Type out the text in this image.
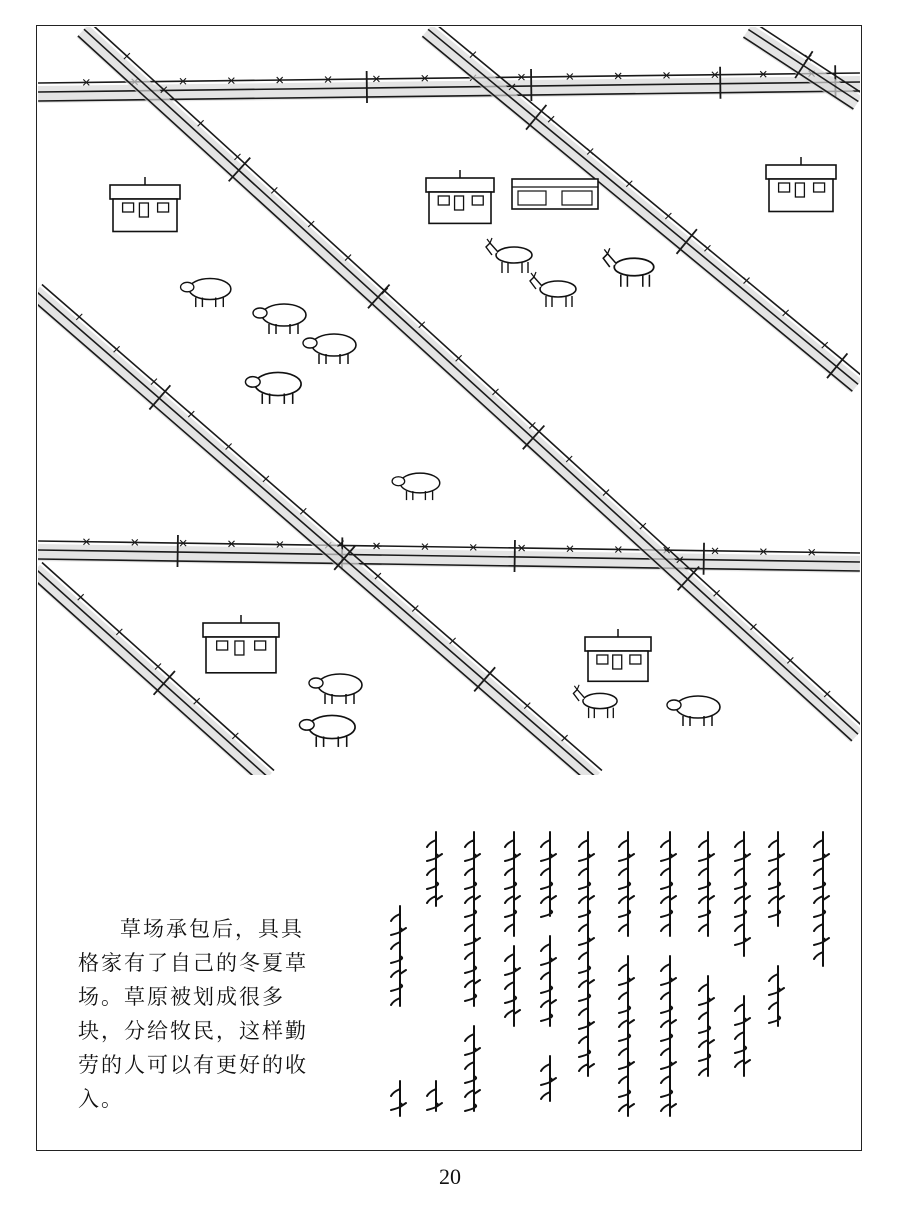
草场承包后，具具格家有了自己的冬夏草场。草原被划成很多块，分给牧民，这样勤劳的人可以有更好的收入。
20
